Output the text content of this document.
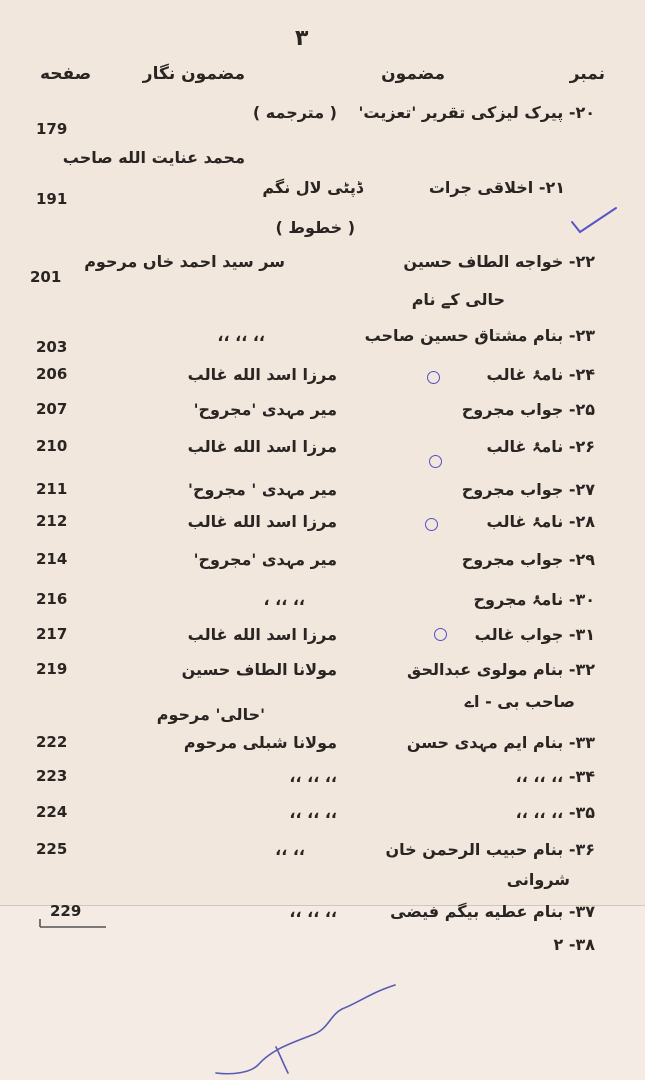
۳
نمبر
مضمون
مضمون نگار
صفحه
۲۰- پیرک لیزکی تقریر 'تعزیت'
( مترجمه )
179
محمد عنایت الله صاحب
۲۱- اخلاقی جرات
ڈپٹی لال نگم
191
( خطوط )
۲۲- خواجه الطاف حسین
سر سید احمد خاں مرحوم
201
حالی کے نام
۲۳- بنام مشتاق حسین صاحب
،، ،، ،،
203
۲۴- نامۂ غالب
مرزا اسد الله غالب
206
۲۵- جواب مجروح
میر مہدی 'مجروح'
207
۲۶- نامۂ غالب
مرزا اسد الله غالب
210
۲۷- جواب مجروح
میر مہدی ' مجروح'
211
۲۸- نامۂ غالب
مرزا اسد الله غالب
212
۲۹- جواب مجروح
میر مہدی 'مجروح'
214
۳۰- نامۂ مجروح
،، ،، ،
216
۳۱- جواب غالب
مرزا اسد الله غالب
217
۳۲- بنام مولوی عبدالحق
مولانا الطاف حسین
219
صاحب بی - اے
'حالی' مرحوم
۳۳- بنام ایم مہدی حسن
مولانا شبلی مرحوم
222
۳۴- ،، ،، ،،
،، ،، ،،
223
۳۵- ،، ،، ،،
،، ،، ،،
224
۳۶- بنام حبیب الرحمن خان
،، ،،
225
شروانی
۳۷- بنام عطیه بیگم فیضی
،، ،، ،،
229
۳۸- ۲
